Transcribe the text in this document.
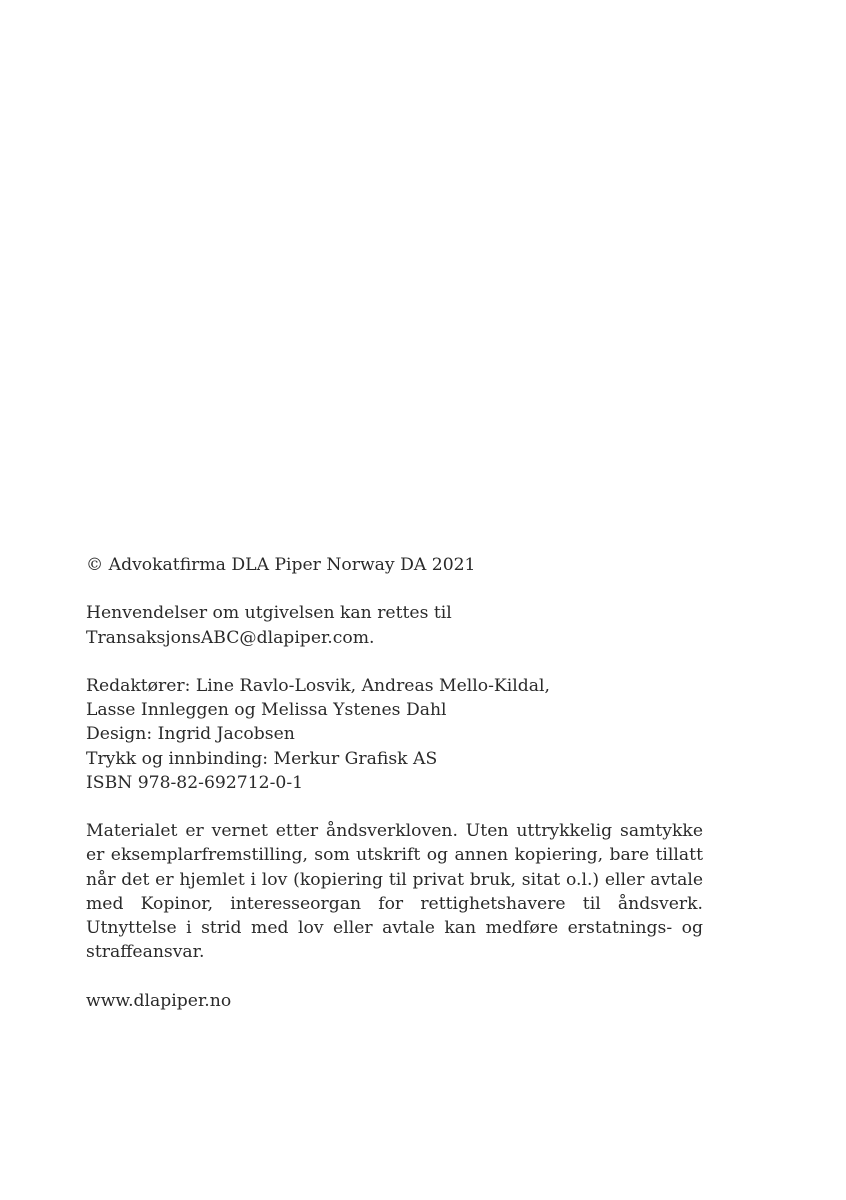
© Advokatfirma DLA Piper Norway DA 2021

Henvendelser om utgivelsen kan rettes til TransaksjonsABC@dlapiper.com.

Redaktører: Line Ravlo-Losvik, Andreas Mello-Kildal,
Lasse Innleggen og Melissa Ystenes Dahl
Design: Ingrid Jacobsen
Trykk og innbinding: Merkur Grafisk AS
ISBN 978-82-692712-0-1

Materialet er vernet etter åndsverkloven. Uten uttrykkelig samtykke er eksemplarfremstilling, som utskrift og annen kopiering, bare tillatt når det er hjemlet i lov (kopiering til privat bruk, sitat o.l.) eller avtale med Kopinor, interesseorgan for rettighetshavere til åndsverk. Utnyttelse i strid med lov eller avtale kan medføre erstatnings- og straffeansvar.

www.dlapiper.no
